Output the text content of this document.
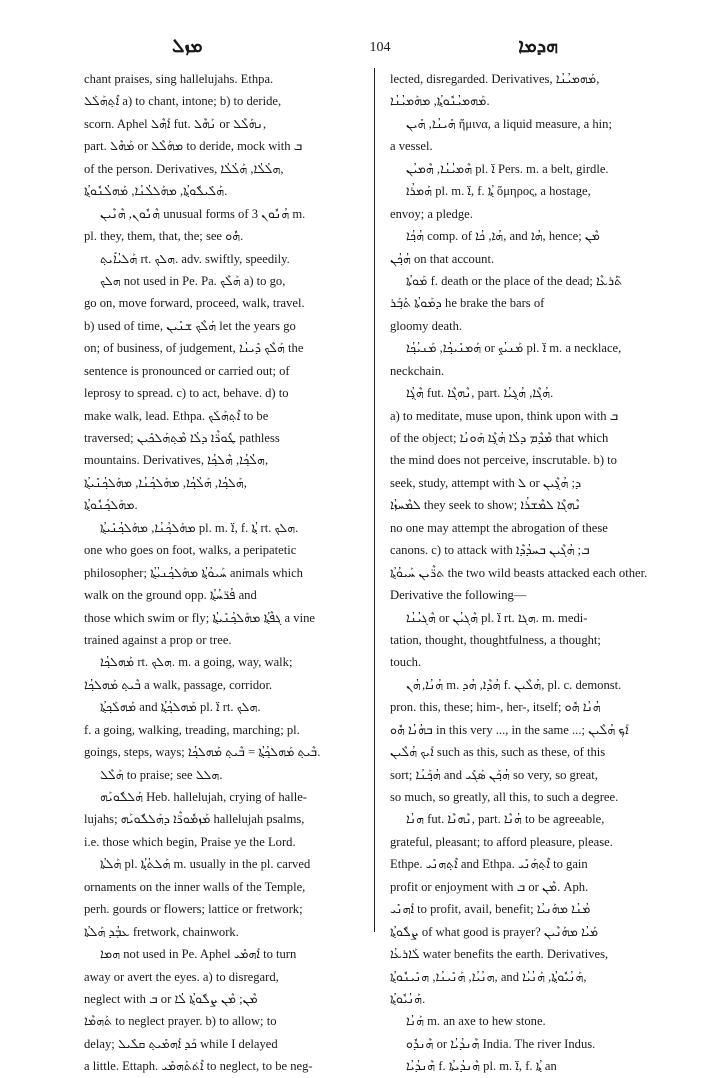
ܡܙܠ	104	ܗܕܡܐ
chant praises, sing hallelujahs. Ethpa.
ܐܶܬ݂ܗܰܠܰܠ a) to chant, intone; b) to deride,
scorn. Aphel ܐܰܗܶܠ fut. ܢܰܗܶܠ or ܢܗܰܠܶܠ,
part. ܡܰܗܶܠ or ܡܗܰܠܶܠ to deride, mock with ܒ
of the person. Derivatives, ܗܠܳܠܳܐ, ܗܰܠܳܠܳܐ,
ܗܰܠܺܝܠܽܘܬ݂ܳܐ, ܡܗܰܠܠܳܢܳܐ, ܡܰܗܠܳܢܽܘܬ݂ܳܐ.
ܗܶܢܽܘܢ, ܗܶܢܶܝܢ unusual forms of ܗܳܢܽܘܢ 3 m.
pl. they, them, that, the; see ܗܽܘ.
ܗܰܠܝܳܐܺܝܬ݂ rt. ܗܠܟ. adv. swiftly, speedily.
ܗܠܟ not used in Pe. Pa. ܗܰܠܶܟ a) to go,
go on, move forward, proceed, walk, travel.
b) used of time, ܗܰܠܶܟ ܫܢܺܝܢ let the years go
on; of business, of judgement, ܗܰܠܶܟ ܕܺܝܢܳܐ the
sentence is pronounced or carried out; of
leprosy to spread. c) to act, behave. d) to
make walk, lead. Ethpa. ܐܶܬ݂ܗܰܠܰܟ to be
traversed; ܛܽܘܪ̈ܶܐ ܕܠܳܐ ܡܶܬ݂ܗܰܠܟܺܝܢ pathless
mountains. Derivatives, ܗܠܳܟ݂ܳܐ, ܗܶܠܟ݂ܳܐ,
ܗܰܠܟ݂ܳܐ, ܗܰܠܳܟ݂ܳܐ, ܡܗܰܠܟ݂ܳܢܳܐ, ܡܗܰܠܟ݂ܳܢܺܝܬ݂ܳܐ,
ܡܗܰܠܟ݂ܳܢܽܘܬ݂ܳܐ.
ܡܗܰܠܟ݂ܳܢܳܐ, ܡܗܰܠܟ݂ܳܢܺܝܬ݂ܳܐ pl. m. ܐ̈, f. ܬ݂ܳܐ rt. ܗܠܟ.
one who goes on foot, walks, a peripatetic
philosopher; ܚܰܝܘܳܬ݂ܳܐ ܡܗܰܠܟ݂ܳܢܝܳܬ݂ܳܐ animals which
walk on the ground opp. ܦܳܪ̈ܚܳܬ݂ܳܐ and
those which swim or fly; ܓܦܶܬ݂ܳܐ ܡܗܰܠܟ݂ܳܢܺܝܬ݂ܳܐ a vine
trained against a prop or tree.
ܡܰܗܠܟ݂ܳܐ rt. ܗܠܟ. m. a going, way, walk;
ܒܶܝܬ݂ ܡܰܗܠܟ݂ܳܐ a walk, passage, corridor.
ܡܰܗܠܰܟ݂ܬ݂ܳܐ and ܡܰܗܠܟ݂ܳܬ݂ܳܐ pl. ܐ̈ rt. ܗܠܟ.
f. a going, walking, treading, marching; pl.
goings, steps, ways; ܒܶܝܬ݂ ܡܰܗܠܟ݂ܳܬ݂ܳܐ = ܒܶܝܬ݂ ܡܰܗܠܟ݂ܳܐ.
ܗܰܠܶܠ to praise; see ܗܠܠ.
ܗܰܠܠܽܘܝܰܗ Heb. hallelujah, crying of halle-
lujahs; ܡܰܙܡܽܘܪ̈ܶܐ ܕܗܰܠܠܽܘܝܰܗ hallelujah psalms,
i.e. those which begin, Praise ye the Lord.
ܗܰܠܬܳܐ pl. ܗܰܠܬܳܬ݂ܳܐ m. usually in the pl. carved
ornaments on the inner walls of the Temple,
perh. gourds or flowers; lattice or fretwork;
ܥܒ̣ܳܕ ܗܰܠܬܳܐ fretwork, chainwork.
ܗܡܐ not used in Pe. Aphel ܐܰܗܡܺܝ to turn
away or avert the eyes. a) to disregard,
neglect with ܒ or ܡܶܢ; ܡܶܢ ܨܠܽܘܬ݂ܳܐ ܠܳܐ
ܬܰܗܡܶܐ to neglect prayer. b) to allow; to
delay; ܟܰܕ ܐܰܗܡܺܝܬ݂ ܩܠܺܝܠ while I delayed
a little. Ettaph. ܐܶܬ݁ܬܰܗܡܺܝ to neglect, to be neg-
lected, disregarded. Derivatives, ܡܰܗܡܝܳܢܳܐ,
ܡܰܗܡܝܳܢܽܘܬ݂ܳܐ, ܡܗܰܡܝܳܢܳܐ.
ܗܺܝܢܳܐ, ܗܺܝܢ ἥμινα, a liquid measure, a hin;
a vessel.
ܗܶܡܝܳܢܳܐ, ܗܶܡܝܳܢ pl. ܐ̈ Pers. m. a belt, girdle.
ܗܰܡܪܳܐ pl. m. ܐ̈, f. ܬ݂ܳܐ ὅμηρος, a hostage,
envoy; a pledge.
ܗܳܟ݂ܳܐ comp. of ܗܳܐ, ܟܳܐ, and ܗܳܐ, hence; ܡܶܢ
ܗܳܟ݂ܳܢ on that account.
ܡܰܘܬܳܐ f. death or the place of the dead; ܬ̈ܰܪܥܶܐ
ܕܡܰܘܬܳܐ ܬܰܒ݂ܰܪ he brake the bars of
gloomy death.
ܗܰܡܢܺܝܟ݂ܳܐ, ܡܰܢܝܳܟ݂ܳܐ or ܡܰܢܝܳܟ݂ pl. ܐ̈ m. a necklace,
neckchain.
ܗܶܓ݂ܳܐ fut. ܢܶܗܓܶܐ, part. ܗܳܓܶܐ, ܗܳܓ݂ܝܳܐ.
a) to meditate, muse upon, think upon with ܒ
of the object; ܡܶܕܶܡ ܕܠܳܐ ܗܳܓ݂ܶܐ ܗܰܘܢܳܐ that which
the mind does not perceive, inscrutable. b) to
seek, study, attempt with ܠ or ܕ; ܗܳܓ݂ܶܝܢ
ܠܡܶܚܙܳܐ they seek to show; ܢܶܗܓܶܐ ܠܡܶܫܪܳܐ
no one may attempt the abrogation of these
canons. c) to attack with ܒ; ܗܳܓܶܝܢ ܒܚܕܳܕܶܐ
ܬܪ̈ܶܝܢ ܚܰܝܘܳܬ݂ܳܐ the two wild beasts attacked each other.
Derivative the following—
ܗܶܓܝܳܢܳܐ or ܗܶܓܝܳܢ pl. ܐ̈ rt. ܗܓܐ. m. medi-
tation, thought, thoughtfulness, a thought;
touch.
ܗܳܢܳܐ, ܗܳܢ m. ܗܳܕܶܐ, ܗܳܕ f. ܗܳܠܶܝܢ, pl. c. demonst.
pron. this, these; him-, her-, itself; ܗܳܢܳܐ ܗܽܘ
ܒܗܳܢܳܐ ܗܽܘ in this very ..., in the same ...; ܐܰܟ݂ ܗܳܠܶܝܢ
ܐܰܝܟ ܗܳܠܶܝܢ such as this, such as these, of this
sort; ܗܳܟ݂ܰܢܳܐ and ܗܳܟ݂ܰܢ ܣܰܓܺܝ so very, so great,
so much, so greatly, all this, to such a degree.
ܗܢܳܐ fut. ܢܶܗܢܶܐ, part. ܗܳܢܶܐ to be agreeable,
grateful, pleasant; to afford pleasure, please.
Ethpe. ܐܶܬ݂ܗܢܺܝ and Ethpa. ܐܶܬ݂ܗܰܢܺܝ to gain
profit or enjoyment with ܒ or ܡܶܢ. Aph.
ܐܰܗܢܺܝ to profit, avail, benefit; ܡܳܢܳܐ ܡܗܰܢܝܳܐ
ܨܠܽܘܬ݂ܳܐ of what good is prayer? ܡܰܝܳܐ ܡܗܰܢܶܝܢ
ܠܰܐܪܥܳܐ water benefits the earth. Derivatives,
ܗܢܳܝܳܐ, ܗܰܢܺܝܢܳܐ, ܗܢܺܝܢܽܘܬ݂ܳܐ, and ܗܰܢܳܝܽܘܬ݂ܳܐ, ܗܰܢܳܝܳܐ,
ܗܰܢܳܝܽܘܬ݂ܳܐ.
ܗܰܢܳܐ m. an axe to hew stone.
ܗܶܢܕܽܘ or ܗܶܢܕܳܝܳܐ India. The river Indus.
ܗܶܢܕܳܝܳܐ f. ܗܶܢܕܳܝܬܳܐ pl. m. ܐ̈, f. ܬ݂ܳܐ an
